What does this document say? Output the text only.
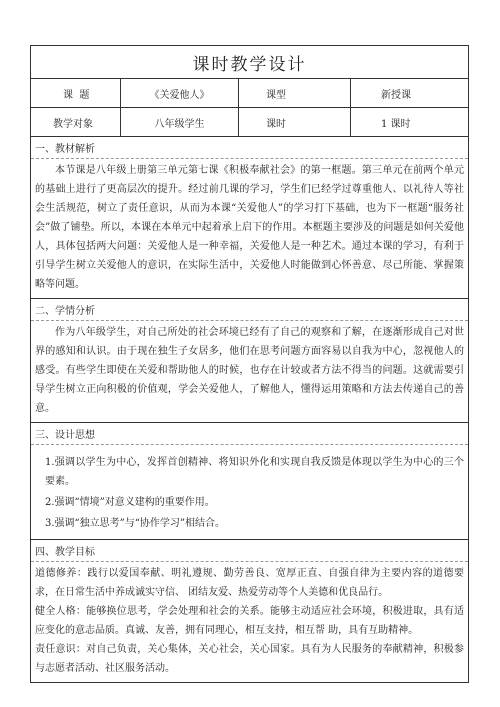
课时教学设计			
课  题	《关爱他人》	课型	新授课
教学对象	八年级学生	课时	1 课时

一、教材解析
本节课是八年级上册第三单元第七课《积极奉献社会》的第一框题。第三单元在前两个单元的基础上进行了更高层次的提升。经过前几课的学习，学生们已经学过尊重他人、以礼待人等社会生活规范，树立了责任意识，从而为本课“关爱他人”的学习打下基础，也为下一框题“服务社会”做了铺垫。所以，本课在本单元中起着承上启下的作用。本框题主要涉及的问题是如何关爱他人，具体包括两大问题：关爱他人是一种幸福，关爱他人是一种艺术。通过本课的学习，有利于引导学生树立关爱他人的意识，在实际生活中，关爱他人时能做到心怀善意、尽己所能、掌握策略等问题。			

二、学情分析
作为八年级学生，对自己所处的社会环境已经有了自己的观察和了解，在逐渐形成自己对世界的感知和认识。由于现在独生子女居多，他们在思考问题方面容易以自我为中心，忽视他人的感受。有些学生即使在关爱和帮助他人的时候，也存在计较或者方法不得当的问题。这就需要引导学生树立正向积极的价值观，学会关爱他人，了解他人，懂得运用策略和方法去传递自己的善意。			

三、设计思想

1.强调以学生为中心，发挥首创精神、将知识外化和实现自我反馈是体现以学生为中心的三个要素。

2.强调“情境”对意义建构的重要作用。

3.强调“独立思考”与“协作学习”相结合。			

四、教学目标

道德修养：践行以爱国奉献、明礼遵规、勤劳善良、宽厚正直、自强自律为主要内容的道德要求，在日常生活中养成诚实守信、 团结友爱、热爱劳动等个人美德和优良品行。

健全人格：能够换位思考，学会处理和社会的关系。能够主动适应社会环境，积极进取，具有适应变化的意志品质。真诚、友善，拥有同理心，相互支持，相互帮 助，具有互助精神。

责任意识：对自己负责，关心集体，关心社会，关心国家。具有为人民服务的奉献精神，积极参与志愿者活动、社区服务活动。			
